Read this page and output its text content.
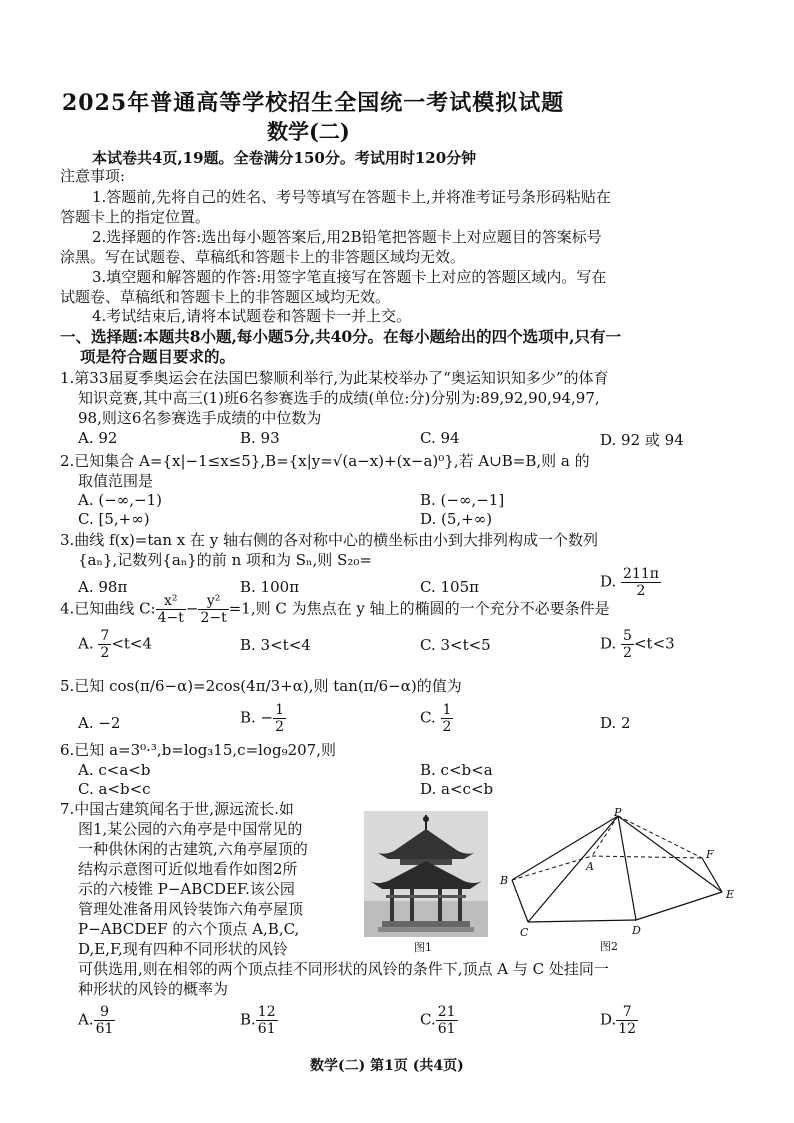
2025年普通高等学校招生全国统一考试模拟试题
数学(二)
本试卷共4页,19题。全卷满分150分。考试用时120分钟
注意事项:
1.答题前,先将自己的姓名、考号等填写在答题卡上,并将准考证号条形码粘贴在
答题卡上的指定位置。
2.选择题的作答:选出每小题答案后,用2B铅笔把答题卡上对应题目的答案标号
涂黑。写在试题卷、草稿纸和答题卡上的非答题区域均无效。
3.填空题和解答题的作答:用签字笔直接写在答题卡上对应的答题区域内。写在
试题卷、草稿纸和答题卡上的非答题区域均无效。
4.考试结束后,请将本试题卷和答题卡一并上交。
一、选择题:本题共8小题,每小题5分,共40分。在每小题给出的四个选项中,只有一
项是符合题目要求的。
1.第33届夏季奥运会在法国巴黎顺利举行,为此某校举办了“奥运知识知多少”的体育
知识竞赛,其中高三(1)班6名参赛选手的成绩(单位:分)分别为:89,92,90,94,97,
98,则这6名参赛选手成绩的中位数为
A. 92	B. 93	C. 94	D. 92 或 94
2.已知集合 A={x|−1≤x≤5},B={x|y=√(a−x)+(x−a)⁰},若 A∪B=B,则 a 的
取值范围是
A. (−∞,−1)	B. (−∞,−1]
C. [5,+∞)	D. (5,+∞)
3.曲线 f(x)=tan x 在 y 轴右侧的各对称中心的横坐标由小到大排列构成一个数列
{aₙ},记数列{aₙ}的前 n 项和为 Sₙ,则 S₂₀=
A. 98π	B. 100π	C. 105π	D. $\frac{211\pi}{2}$
4.已知曲线 C: $\frac{\text{x²}}{4-t} - \frac{\text{y²}}{2-t} =1$,则 C 为焦点在 y 轴上的椭圆的一个充分不必要条件是
A. $\frac{7}{2} <t<4$	B. 3<t<4	C. 3<t<5	D. $\frac{5}{2} <t<3$
5.已知 cos(π/6−α)=2cos(4π/3+α),则 tan(π/6−α)的值为
A. −2	B. − $\frac{1}{2}$	C. $\frac{1}{2}$	D. 2
6.已知 a=3⁰·³,b=log₃15,c=log₉207,则
A. c<a<b	B. c<b<a
C. a<b<c	D. a<c<b
7.中国古建筑闻名于世,源远流长.如
图1,某公园的六角亭是中国常见的
一种供休闲的古建筑,六角亭屋顶的
结构示意图可近似地看作如图2所
示的六棱锥 P−ABCDEF.该公园
管理处准备用风铃装饰六角亭屋顶
P−ABCDEF 的六个顶点 A,B,C,
D,E,F,现有四种不同形状的风铃
可供选用,则在相邻的两个顶点挂不同形状的风铃的条件下,顶点 A 与 C 处挂同一
种形状的风铃的概率为
图1
P
A
B
C	D
E
F
图2
A. $\frac{9}{61}$	B. $\frac{12}{61}$	C. $\frac{21}{61}$	D. $\frac{7}{12}$
数学(二) 第1页 (共4页)
